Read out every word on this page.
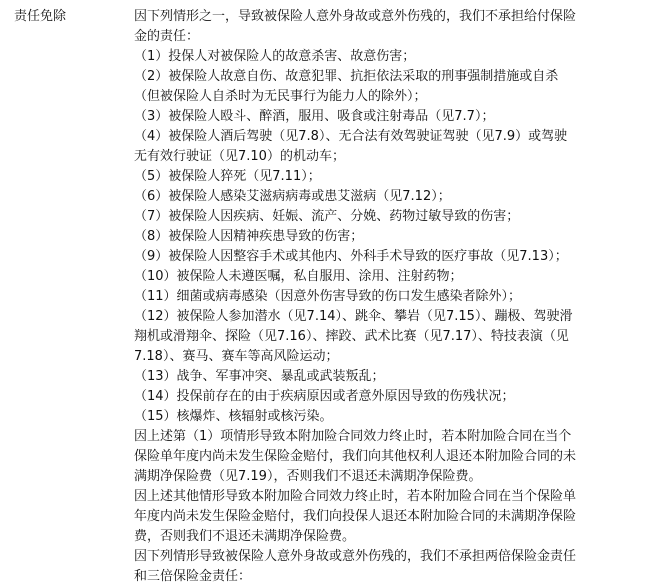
责任免除	因下列情形之一，导致被保险人意外身故或意外伤残的，我们不承担给付保险金的责任：

（1）投保人对被保险人的故意杀害、故意伤害；
（2）被保险人故意自伤、故意犯罪、抗拒依法采取的刑事强制措施或自杀（但被保险人自杀时为无民事行为能力人的除外）；
（3）被保险人殴斗、醉酒，服用、吸食或注射毒品（见7.7）；
（4）被保险人酒后驾驶（见7.8）、无合法有效驾驶证驾驶（见7.9）或驾驶无有效行驶证（见7.10）的机动车；
（5）被保险人猝死（见7.11）；
（6）被保险人感染艾滋病病毒或患艾滋病（见7.12）；
（7）被保险人因疾病、妊娠、流产、分娩、药物过敏导致的伤害；
（8）被保险人因精神疾患导致的伤害；
（9）被保险人因整容手术或其他内、外科手术导致的医疗事故（见7.13）；
（10）被保险人未遵医嘱，私自服用、涂用、注射药物；
（11）细菌或病毒感染（因意外伤害导致的伤口发生感染者除外）；
（12）被保险人参加潜水（见7.14）、跳伞、攀岩（见7.15）、蹦极、驾驶滑翔机或滑翔伞、探险（见7.16）、摔跤、武术比赛（见7.17）、特技表演（见7.18）、赛马、赛车等高风险运动；
（13）战争、军事冲突、暴乱或武装叛乱；
（14）投保前存在的由于疾病原因或者意外原因导致的伤残状况；
（15）核爆炸、核辐射或核污染。

因上述第（1）项情形导致本附加险合同效力终止时，若本附加险合同在当个保险单年度内尚未发生保险金赔付，我们向其他权利人退还本附加险合同的未满期净保险费（见7.19），否则我们不退还未满期净保险费。

因上述其他情形导致本附加险合同效力终止时，若本附加险合同在当个保险单年度内尚未发生保险金赔付，我们向投保人退还本附加险合同的未满期净保险费，否则我们不退还未满期净保险费。

因下列情形导致被保险人意外身故或意外伤残的，我们不承担两倍保险金责任和三倍保险金责任：
